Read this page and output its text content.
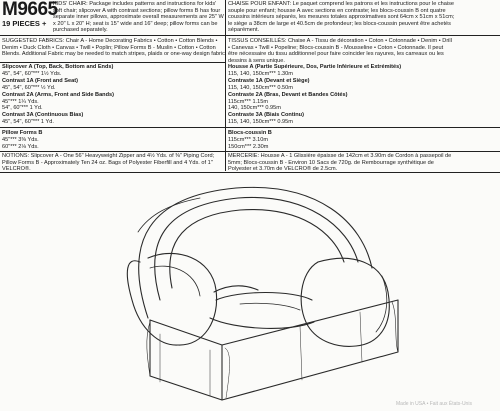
M9665
19 PIECES +
KIDS' CHAIR: Package includes patterns and instructions for kids'
soft chair; slipcover A with contrast sections; pillow forms B has four
separate inner pillows, approximate overall measurements are 25" W
x 20" L x 20" H; seat is 15" wide and 16" deep; pillow forms can be
purchased separately.
CHAISE POUR ENFANT: Le paquet comprend les patrons et les instructions pour le chaise
souple pour enfant; housse A avec sections en contraste; les blocs-coussin B ont quatre
coussins intérieurs séparés, les mesures totales approximatives sont 64cm x 51cm x 51cm;
le siège a 38cm de large et 40.5cm de profondeur; les blocs-coussin peuvent être achetés
séparément.
SUGGESTED FABRICS: Chair A - Home Decorating Fabrics • Cotton • Cotton Blends •
Denim • Duck Cloth • Canvas • Twill • Poplin; Pillow Forms B - Muslin • Cotton • Cotton
Blends. Additional Fabric may be needed to match stripes, plaids or one-way design fabric.
TISSUS CONSEILLÉS: Chaise A - Tissu de décoration • Coton • Cotonnade • Denim • Drill
• Canevas • Twill • Popeline; Blocs-coussin B - Mousseline • Coton • Cotonnade. Il peut
être nécessaire du tissu additionnel pour faire coincider les rayures, les carreaux ou les
dessins à sens unique.
Slipcover A (Top, Back, Bottom and Ends)
45", 54", 60"*** 1½ Yds.
Contrast 1A (Front and Seat)
45", 54", 60"*** ½ Yd.
Contrast 2A (Arms, Front and Side Bands)
45"*** 1¼ Yds.
54", 60"*** 1 Yd.
Contrast 3A (Continuous Bias)
45", 54", 60"*** 1 Yd.
Pillow Forms B
45"*** 3⅜ Yds.
60"*** 2⅛ Yds.
Housse A (Partie Supérieure, Dos, Partie Inférieure et Extrémités)
115, 140, 150cm*** 1.30m
Contraste 1A (Devant et Siège)
115, 140, 150cm*** 0.50m
Contraste 2A (Bras, Devant et Bandes Côtés)
115cm*** 1.15m
140, 150cm*** 0.95m
Contraste 3A (Biais Continu)
115, 140, 150cm*** 0.95m
Blocs-coussin B
115cm*** 3.10m
150cm*** 2.30m
NOTIONS: Slipcover A - One 56" Heavyweight Zipper and 4½ Yds. of ⅜" Piping Cord;
Pillow Forms B - Approximately Ten 24 oz. Bags of Polyester Fiberfill and 4 Yds. of 1"
VELCRO®.
MERCERIE: Housse A - 1 Glissière épaisse de 142cm et 3.90m de Cordon à passepoil de
5mm; Blocs-coussin B - Environ 10 Sacs de 720g. de Rembourrage synthétique de
Polyester et 3.70m de VELCRO® de 2.5cm.
Made in USA • Fait aux États-Unis
